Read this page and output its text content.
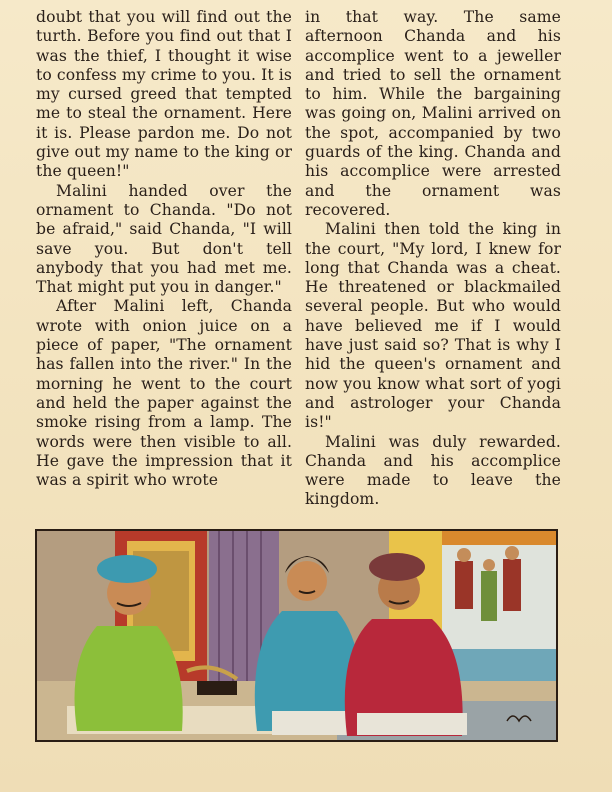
doubt that you will find out the turth. Before you find out that I was the thief, I thought it wise to confess my crime to you. It is my cursed greed that tempted me to steal the ornament. Here it is. Please pardon me. Do not give out my name to the king or the queen!"

Malini handed over the ornament to Chanda. "Do not be afraid," said Chanda, "I will save you. But don't tell anybody that you had met me. That might put you in danger."

After Malini left, Chanda wrote with onion juice on a piece of paper, "The ornament has fallen into the river." In the morning he went to the court and held the paper against the smoke rising from a lamp. The words were then visible to all. He gave the impression that it was a spirit who wrote

in that way. The same afternoon Chanda and his accomplice went to a jeweller and tried to sell the ornament to him. While the bargaining was going on, Malini arrived on the spot, accompanied by two guards of the king. Chanda and his accomplice were arrested and the ornament was recovered.

Malini then told the king in the court, "My lord, I knew for long that Chanda was a cheat. He threatened or blackmailed several people. But who would have believed me if I would have just said so? That is why I hid the queen's ornament and now you know what sort of yogi and astrologer your Chanda is!"

Malini was duly rewarded. Chanda and his accomplice were made to leave the kingdom.
